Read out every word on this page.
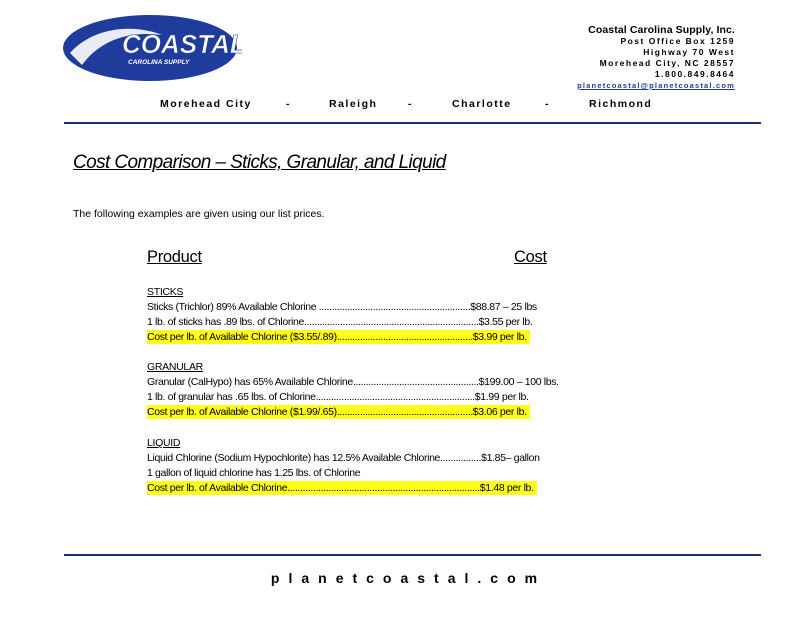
COASTAL
CAROLINA SUPPLY
Coastal Carolina Supply, Inc.
Post Office Box 1259
Highway 70 West
Morehead City, NC 28557
1.800.849.8464
planetcoastal@planetcoastal.com
Morehead City	-	Raleigh	-	Charlotte	-	Richmond
Cost Comparison – Sticks, Granular, and Liquid
The following examples are given using our list prices.
Product	Cost
STICKS
Sticks (Trichlor) 89% Available Chlorine ...........................................................$88.87 – 25 lbs
1 lb. of sticks has .89 lbs. of Chlorine....................................................................$3.55 per lb.
Cost per lb. of Available Chlorine ($3.55/.89).....................................................$3.99 per lb.
GRANULAR
Granular (CalHypo) has 65% Available Chlorine.................................................$199.00 – 100 lbs.
1 lb. of granular has .65 lbs. of Chlorine..............................................................$1.99 per lb.
Cost per lb. of Available Chlorine ($1.99/.65).....................................................$3.06 per lb.
LIQUID
Liquid Chlorine (Sodium Hypochlorite) has 12.5% Available Chlorine................$1.85– gallon
1 gallon of liquid chlorine has 1.25 lbs. of Chlorine
Cost per lb. of Available Chlorine...........................................................................$1.48 per lb.
planetcoastal.com
